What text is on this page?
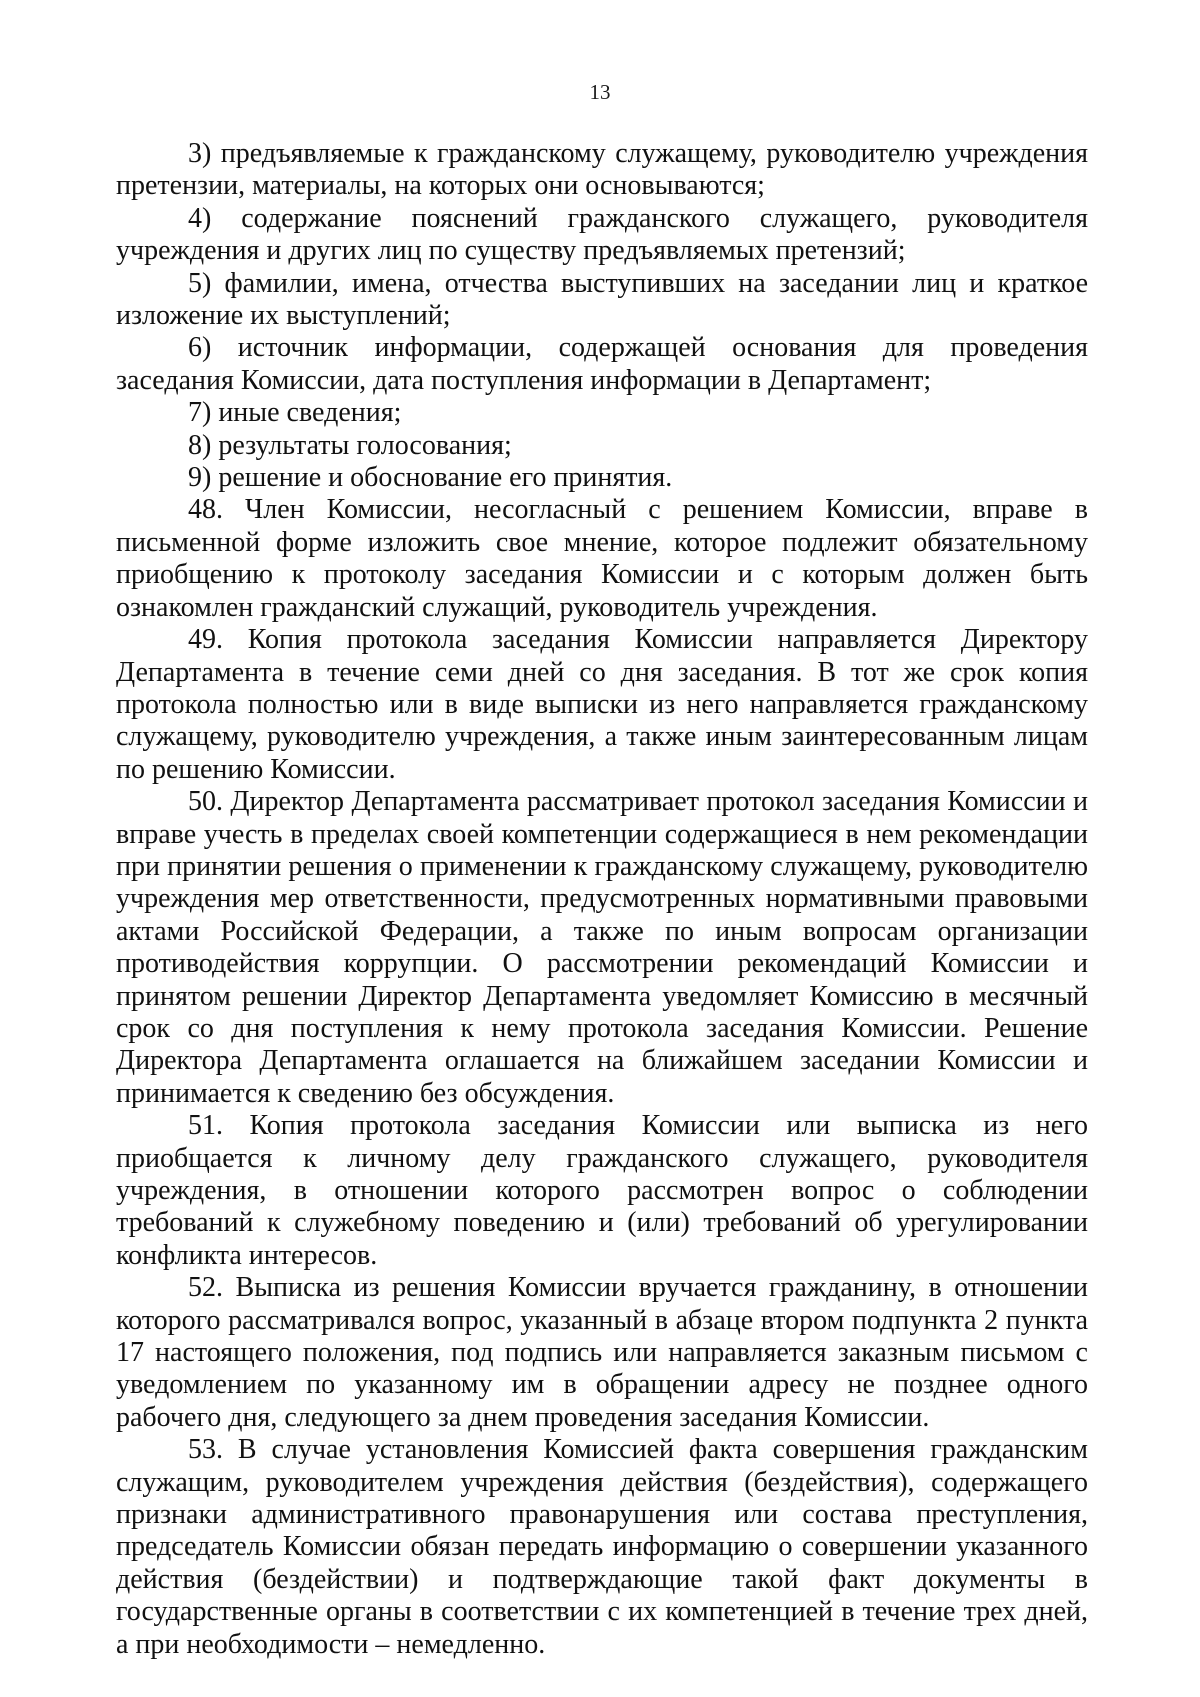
13

3) предъявляемые к гражданскому служащему, руководителю учреждения претензии, материалы, на которых они основываются;

4) содержание пояснений гражданского служащего, руководителя учреждения и других лиц по существу предъявляемых претензий;

5) фамилии, имена, отчества выступивших на заседании лиц и краткое изложение их выступлений;

6) источник информации, содержащей основания для проведения заседания Комиссии, дата поступления информации в Департамент;

7) иные сведения;

8) результаты голосования;

9) решение и обоснование его принятия.

48. Член Комиссии, несогласный с решением Комиссии, вправе в письменной форме изложить свое мнение, которое подлежит обязательному приобщению к протоколу заседания Комиссии и с которым должен быть ознакомлен гражданский служащий, руководитель учреждения.

49. Копия протокола заседания Комиссии направляется Директору Департамента в течение семи дней со дня заседания. В тот же срок копия протокола полностью или в виде выписки из него направляется гражданскому служащему, руководителю учреждения, а также иным заинтересованным лицам по решению Комиссии.

50. Директор Департамента рассматривает протокол заседания Комиссии и вправе учесть в пределах своей компетенции содержащиеся в нем рекомендации при принятии решения о применении к гражданскому служащему, руководителю учреждения мер ответственности, предусмотренных нормативными правовыми актами Российской Федерации, а также по иным вопросам организации противодействия коррупции. О рассмотрении рекомендаций Комиссии и принятом решении Директор Департамента уведомляет Комиссию в месячный срок со дня поступления к нему протокола заседания Комиссии. Решение Директора Департамента оглашается на ближайшем заседании Комиссии и принимается к сведению без обсуждения.

51. Копия протокола заседания Комиссии или выписка из него приобщается к личному делу гражданского служащего, руководителя учреждения, в отношении которого рассмотрен вопрос о соблюдении требований к служебному поведению и (или) требований об урегулировании конфликта интересов.

52. Выписка из решения Комиссии вручается гражданину, в отношении которого рассматривался вопрос, указанный в абзаце втором подпункта 2 пункта 17 настоящего положения, под подпись или направляется заказным письмом с уведомлением по указанному им в обращении адресу не позднее одного рабочего дня, следующего за днем проведения заседания Комиссии.

53. В случае установления Комиссией факта совершения гражданским служащим, руководителем учреждения действия (бездействия), содержащего признаки административного правонарушения или состава преступления, председатель Комиссии обязан передать информацию о совершении указанного действия (бездействии) и подтверждающие такой факт документы в государственные органы в соответствии с их компетенцией в течение трех дней, а при необходимости – немедленно.
